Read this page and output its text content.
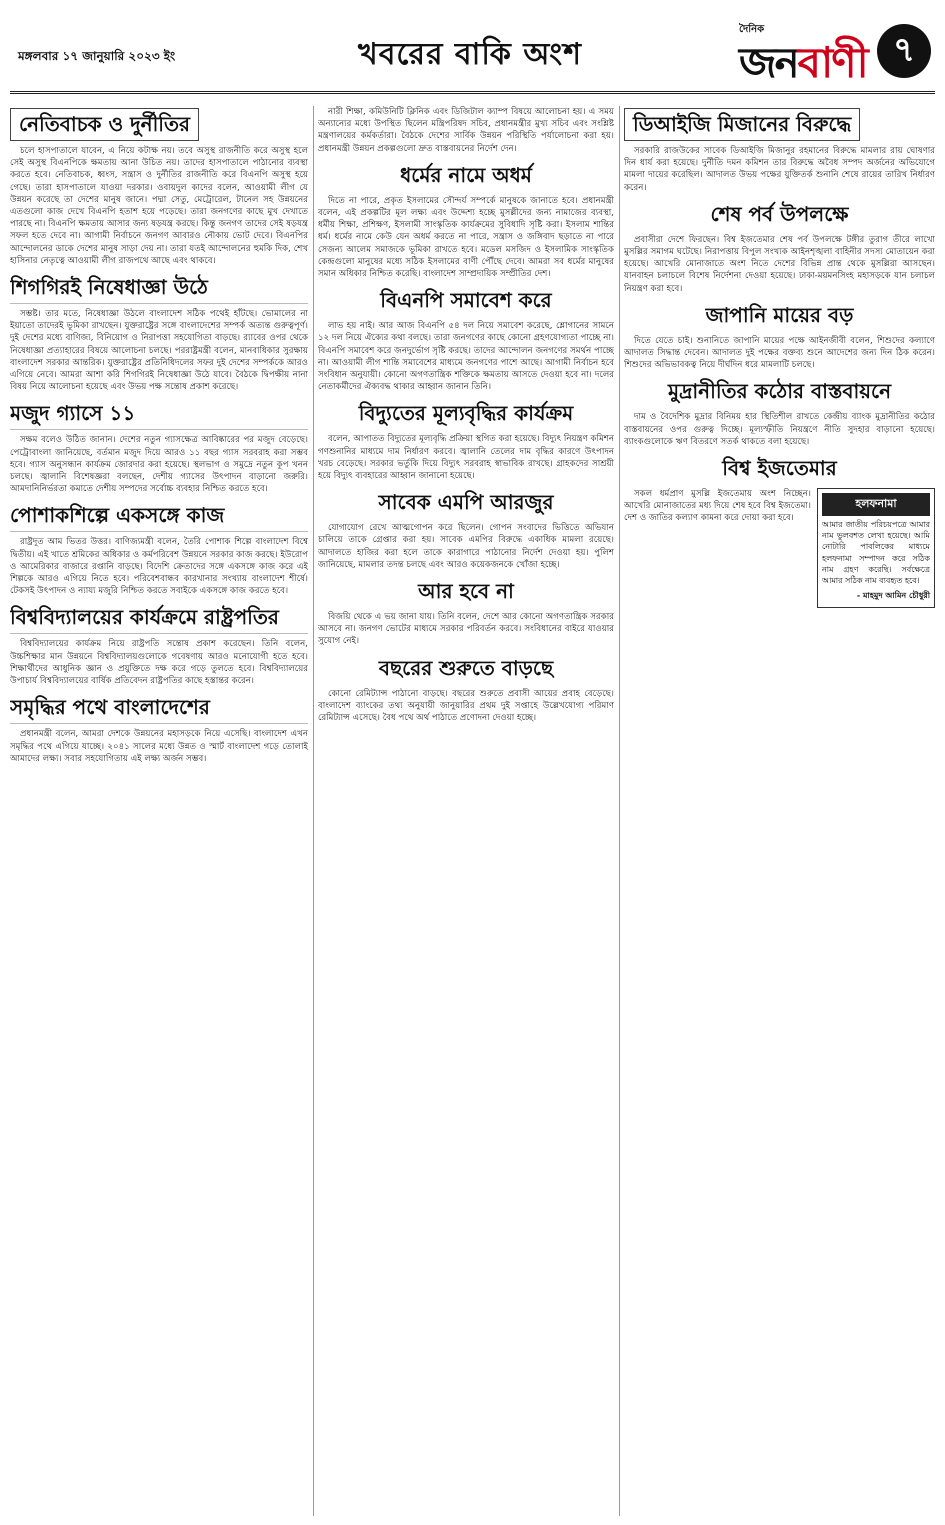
মঙ্গলবার ১৭ জানুয়ারি ২০২৩ ইং	খবরের বাকি অংশ
দৈনিক
জনবাণী ৭
নেতিবাচক ও দুর্নীতির

চলে হাসপাতালে যাবেন, এ নিয়ে কটাক্ষ নয়। তবে অসুস্থ রাজনীতি করে অসুস্থ হলে সেই অসুস্থ বিএনপিকে ক্ষমতায় আনা উচিত নয়। তাদের হাসপাতালে পাঠানোর ব্যবস্থা করতে হবে। নেতিবাচক, ধ্বংস, সন্ত্রাস ও দুর্নীতির রাজনীতি করে বিএনপি অসুস্থ হয়ে গেছে। তারা হাসপাতালে যাওয়া দরকার। ওবায়দুল কাদের বলেন, আওয়ামী লীগ যে উন্নয়ন করেছে তা দেশের মানুষ জানে। পদ্মা সেতু, মেট্রোরেল, টানেল সহ উন্নয়নের এতগুলো কাজ দেখে বিএনপি হতাশ হয়ে পড়েছে। তারা জনগণের কাছে মুখ দেখাতে পারছে না। বিএনপি ক্ষমতায় আসার জন্য ষড়যন্ত্র করছে। কিন্তু জনগণ তাদের সেই ষড়যন্ত্র সফল হতে দেবে না। আগামী নির্বাচনে জনগণ আবারও নৌকায় ভোট দেবে। বিএনপির আন্দোলনের ডাকে দেশের মানুষ সাড়া দেয় না। তারা যতই আন্দোলনের হুমকি দিক, শেখ হাসিনার নেতৃত্বে আওয়ামী লীগ রাজপথে আছে এবং থাকবে।

শিগগিরই নিষেধাজ্ঞা উঠে

সম্ভষ্ট। তার মতে, নিষেধাজ্ঞা উঠলে বাংলাদেশ সঠিক পথেই হাঁটছে। ভোমালের না ইয়াতো তাদেরই ভূমিকা রাখছেন। যুক্তরাষ্ট্রের সঙ্গে বাংলাদেশের সম্পর্ক অত্যন্ত গুরুত্বপূর্ণ। দুই দেশের মধ্যে বাণিজ্য, বিনিয়োগ ও নিরাপত্তা সহযোগিতা বাড়ছে। র‌্যাবের ওপর থেকে নিষেধাজ্ঞা প্রত্যাহারের বিষয়ে আলোচনা চলছে। পররাষ্ট্রমন্ত্রী বলেন, মানবাধিকার সুরক্ষায় বাংলাদেশ সরকার আন্তরিক। যুক্তরাষ্ট্রের প্রতিনিধিদলের সফর দুই দেশের সম্পর্ককে আরও এগিয়ে নেবে। আমরা আশা করি শিগগিরই নিষেধাজ্ঞা উঠে যাবে। বৈঠকে দ্বিপক্ষীয় নানা বিষয় নিয়ে আলোচনা হয়েছে এবং উভয় পক্ষ সন্তোষ প্রকাশ করেছে।

মজুদ গ্যাসে ১১

সক্ষম বলেও উঠিত জানান। দেশের নতুন গ্যাসক্ষেত্র আবিষ্কারের পর মজুদ বেড়েছে। পেট্রোবাংলা জানিয়েছে, বর্তমান মজুদ দিয়ে আরও ১১ বছর গ্যাস সরবরাহ করা সম্ভব হবে। গ্যাস অনুসন্ধান কার্যক্রম জোরদার করা হয়েছে। স্থলভাগ ও সমুদ্রে নতুন কূপ খনন চলছে। জ্বালানি বিশেষজ্ঞরা বলছেন, দেশীয় গ্যাসের উৎপাদন বাড়ানো জরুরি। আমদানিনির্ভরতা কমাতে দেশীয় সম্পদের সর্বোচ্চ ব্যবহার নিশ্চিত করতে হবে।

পোশাকশিল্পে একসঙ্গে কাজ

রাষ্ট্রদূত আম ভিতর উত্তর। বাণিজ্যমন্ত্রী বলেন, তৈরি পোশাক শিল্পে বাংলাদেশ বিশ্বে দ্বিতীয়। এই খাতে শ্রমিকের অধিকার ও কর্মপরিবেশ উন্নয়নে সরকার কাজ করছে। ইউরোপ ও আমেরিকার বাজারে রপ্তানি বাড়ছে। বিদেশি ক্রেতাদের সঙ্গে একসঙ্গে কাজ করে এই শিল্পকে আরও এগিয়ে নিতে হবে। পরিবেশবান্ধব কারখানার সংখ্যায় বাংলাদেশ শীর্ষে। টেকসই উৎপাদন ও ন্যায্য মজুরি নিশ্চিত করতে সবাইকে একসঙ্গে কাজ করতে হবে।

বিশ্ববিদ্যালয়ের কার্যক্রমে রাষ্ট্রপতির

বিশ্ববিদ্যালয়ের কার্যক্রম নিয়ে রাষ্ট্রপতি সন্তোষ প্রকাশ করেছেন। তিনি বলেন, উচ্চশিক্ষার মান উন্নয়নে বিশ্ববিদ্যালয়গুলোকে গবেষণায় আরও মনোযোগী হতে হবে। শিক্ষার্থীদের আধুনিক জ্ঞান ও প্রযুক্তিতে দক্ষ করে গড়ে তুলতে হবে। বিশ্ববিদ্যালয়ের উপাচার্য বিশ্ববিদ্যালয়ের বার্ষিক প্রতিবেদন রাষ্ট্রপতির কাছে হস্তান্তর করেন।

সমৃদ্ধির পথে বাংলাদেশের

প্রধানমন্ত্রী বলেন, আমরা দেশকে উন্নয়নের মহাসড়কে নিয়ে এসেছি। বাংলাদেশ এখন সমৃদ্ধির পথে এগিয়ে যাচ্ছে। ২০৪১ সালের মধ্যে উন্নত ও স্মার্ট বাংলাদেশ গড়ে তোলাই আমাদের লক্ষ্য। সবার সহযোগিতায় এই লক্ষ্য অর্জন সম্ভব।

নারী শিক্ষা, কমিউনিটি ক্লিনিক এবং ডিজিটাল ক্যাম্প বিষয়ে আলোচনা হয়। এ সময় অন্যান্যের মধ্যে উপস্থিত ছিলেন মন্ত্রিপরিষদ সচিব, প্রধানমন্ত্রীর মুখ্য সচিব এবং সংশ্লিষ্ট মন্ত্রণালয়ের কর্মকর্তারা। বৈঠকে দেশের সার্বিক উন্নয়ন পরিস্থিতি পর্যালোচনা করা হয়। প্রধানমন্ত্রী উন্নয়ন প্রকল্পগুলো দ্রুত বাস্তবায়নের নির্দেশ দেন।

ধর্মের নামে অধর্ম

দিতে না পারে, প্রকৃত ইসলামের সৌন্দর্য সম্পর্কে মানুষকে জানাতে হবে। প্রধানমন্ত্রী বলেন, এই প্রকল্পটির মূল লক্ষ্য এবং উদ্দেশ্য হচ্ছে মুসল্লীদের জন্য নামাজের ব্যবস্থা, ধর্মীয় শিক্ষা, প্রশিক্ষণ, ইসলামী সাংস্কৃতিক কার্যক্রমের সুবিধাদি সৃষ্টি করা। ইসলাম শান্তির ধর্ম। ধর্মের নামে কেউ যেন অধর্ম করতে না পারে, সন্ত্রাস ও জঙ্গিবাদ ছড়াতে না পারে সেজন্য আলেম সমাজকে ভূমিকা রাখতে হবে। মডেল মসজিদ ও ইসলামিক সাংস্কৃতিক কেন্দ্রগুলো মানুষের মধ্যে সঠিক ইসলামের বাণী পৌঁছে দেবে। আমরা সব ধর্মের মানুষের সমান অধিকার নিশ্চিত করেছি। বাংলাদেশ সাম্প্রদায়িক সম্প্রীতির দেশ।

বিএনপি সমাবেশ করে

লাভ হয় নাই। আর আজ বিএনপি ৫৪ দল নিয়ে সমাবেশ করেছে, শ্লোগানের সামনে ১২ দল নিয়ে ঐক্যের কথা বলছে। তারা জনগণের কাছে কোনো গ্রহণযোগ্যতা পাচ্ছে না। বিএনপি সমাবেশ করে জনদুর্ভোগ সৃষ্টি করছে। তাদের আন্দোলন জনগণের সমর্থন পাচ্ছে না। আওয়ামী লীগ শান্তি সমাবেশের মাধ্যমে জনগণের পাশে আছে। আগামী নির্বাচন হবে সংবিধান অনুযায়ী। কোনো অগণতান্ত্রিক শক্তিকে ক্ষমতায় আসতে দেওয়া হবে না। দলের নেতাকর্মীদের ঐক্যবদ্ধ থাকার আহ্বান জানান তিনি।

বিদ্যুতের মূল্যবৃদ্ধির কার্যক্রম

বলেন, আপাতত বিদ্যুতের মূল্যবৃদ্ধি প্রক্রিয়া স্থগিত করা হয়েছে। বিদ্যুৎ নিয়ন্ত্রণ কমিশন গণশুনানির মাধ্যমে দাম নির্ধারণ করবে। জ্বালানি তেলের দাম বৃদ্ধির কারণে উৎপাদন খরচ বেড়েছে। সরকার ভর্তুকি দিয়ে বিদ্যুৎ সরবরাহ স্বাভাবিক রাখছে। গ্রাহকদের সাশ্রয়ী হয়ে বিদ্যুৎ ব্যবহারের আহ্বান জানানো হয়েছে।

সাবেক এমপি আরজুর

যোগাযোগ রেখে আত্মগোপন করে ছিলেন। গোপন সংবাদের ভিত্তিতে অভিযান চালিয়ে তাকে গ্রেপ্তার করা হয়। সাবেক এমপির বিরুদ্ধে একাধিক মামলা রয়েছে। আদালতে হাজির করা হলে তাকে কারাগারে পাঠানোর নির্দেশ দেওয়া হয়। পুলিশ জানিয়েছে, মামলার তদন্ত চলছে এবং আরও কয়েকজনকে খোঁজা হচ্ছে।

আর হবে না

বিজয়ি থেকে এ ভয় জানা যায়। তিনি বলেন, দেশে আর কোনো অগণতান্ত্রিক সরকার আসবে না। জনগণ ভোটের মাধ্যমে সরকার পরিবর্তন করবে। সংবিধানের বাইরে যাওয়ার সুযোগ নেই।

বছরের শুরুতে বাড়ছে

কোনো রেমিট্যান্স পাঠানো বাড়ছে। বছরের শুরুতে প্রবাসী আয়ের প্রবাহ বেড়েছে। বাংলাদেশ ব্যাংকের তথ্য অনুযায়ী জানুয়ারির প্রথম দুই সপ্তাহে উল্লেখযোগ্য পরিমাণ রেমিট্যান্স এসেছে। বৈধ পথে অর্থ পাঠাতে প্রণোদনা দেওয়া হচ্ছে।

ডিআইজি মিজানের বিরুদ্ধে

সরকারি রাজউকের সাবেক ডিআইজি মিজানুর রহমানের বিরুদ্ধে মামলার রায় ঘোষণার দিন ধার্য করা হয়েছে। দুর্নীতি দমন কমিশন তার বিরুদ্ধে অবৈধ সম্পদ অর্জনের অভিযোগে মামলা দায়ের করেছিল। আদালত উভয় পক্ষের যুক্তিতর্ক শুনানি শেষে রায়ের তারিখ নির্ধারণ করেন।

শেষ পর্ব উপলক্ষে

প্রবাসীরা দেশে ফিরছেন। বিশ্ব ইজতেমার শেষ পর্ব উপলক্ষে টঙ্গীর তুরাগ তীরে লাখো মুসল্লির সমাগম ঘটেছে। নিরাপত্তায় বিপুল সংখ্যক আইনশৃঙ্খলা বাহিনীর সদস্য মোতায়েন করা হয়েছে। আখেরি মোনাজাতে অংশ নিতে দেশের বিভিন্ন প্রান্ত থেকে মুসল্লিরা আসছেন। যানবাহন চলাচলে বিশেষ নির্দেশনা দেওয়া হয়েছে। ঢাকা-ময়মনসিংহ মহাসড়কে যান চলাচল নিয়ন্ত্রণ করা হবে।

জাপানি মায়ের বড়

দিতে যেতে চাই। শুনানিতে জাপানি মায়ের পক্ষে আইনজীবী বলেন, শিশুদের কল্যাণে আদালত সিদ্ধান্ত দেবেন। আদালত দুই পক্ষের বক্তব্য শুনে আদেশের জন্য দিন ঠিক করেন। শিশুদের অভিভাবকত্ব নিয়ে দীর্ঘদিন ধরে মামলাটি চলছে।

মুদ্রানীতির কঠোর বাস্তবায়নে

দাম ও বৈদেশিক মুদ্রার বিনিময় হার স্থিতিশীল রাখতে কেন্দ্রীয় ব্যাংক মুদ্রানীতির কঠোর বাস্তবায়নের ওপর গুরুত্ব দিচ্ছে। মূল্যস্ফীতি নিয়ন্ত্রণে নীতি সুদহার বাড়ানো হয়েছে। ব্যাংকগুলোকে ঋণ বিতরণে সতর্ক থাকতে বলা হয়েছে।

বিশ্ব ইজতেমার
হলফনামা
আমার জাতীয় পরিচয়পত্রে আমার নাম ভুলবশত লেখা হয়েছে। আমি নোটারি পাবলিকের মাধ্যমে হলফনামা সম্পাদন করে সঠিক নাম গ্রহণ করেছি। সর্বক্ষেত্রে আমার সঠিক নাম ব্যবহৃত হবে।
- মাহমুদ আমিন চৌধুরী

সকল ধর্মপ্রাণ মুসল্লি ইজতেমায় অংশ নিচ্ছেন। আখেরি মোনাজাতের মধ্য দিয়ে শেষ হবে বিশ্ব ইজতেমা। দেশ ও জাতির কল্যাণ কামনা করে দোয়া করা হবে।
